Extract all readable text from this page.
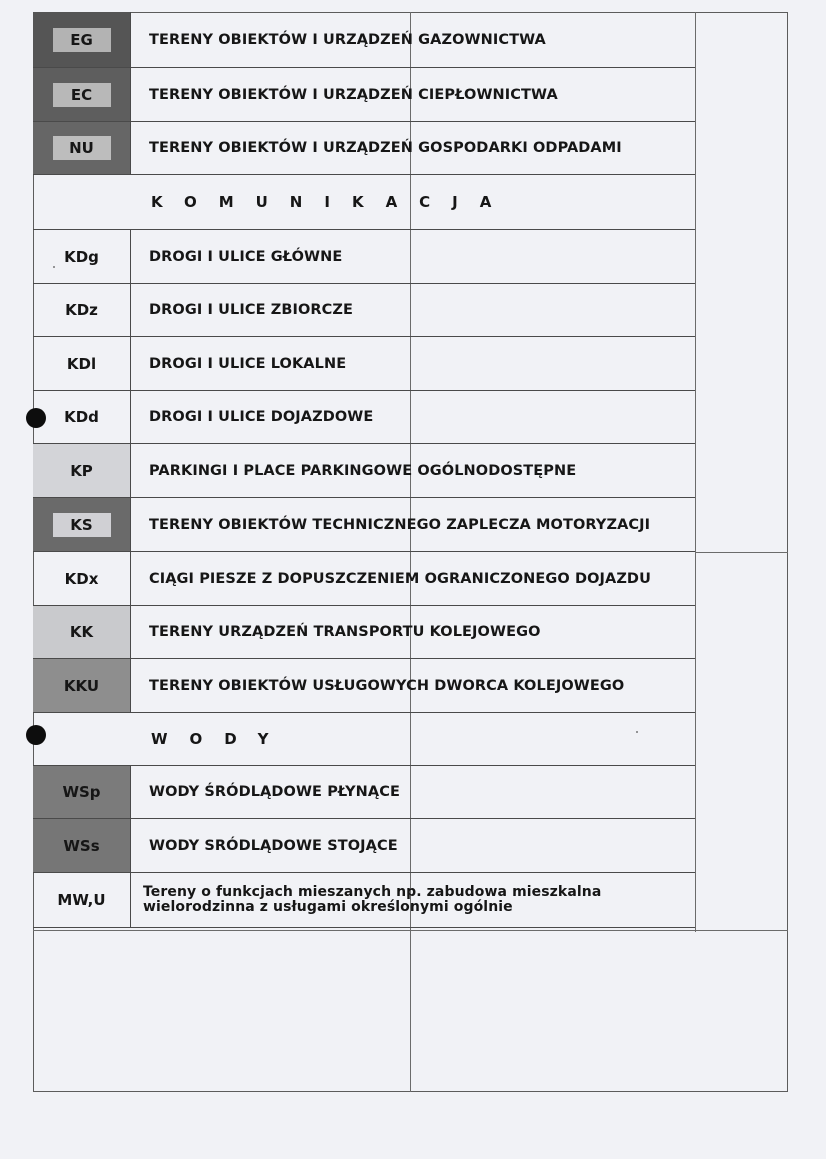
EG	TERENY OBIEKTÓW I URZĄDZEŃ GAZOWNICTWA
EC	TERENY OBIEKTÓW I URZĄDZEŃ CIEPŁOWNICTWA
NU	TERENY OBIEKTÓW I URZĄDZEŃ GOSPODARKI ODPADAMI
KOMUNIKACJA
KDg	DROGI I ULICE GŁÓWNE
KDz	DROGI I ULICE ZBIORCZE
KDl	DROGI I ULICE LOKALNE
KDd	DROGI I ULICE DOJAZDOWE
KP	PARKINGI I PLACE PARKINGOWE OGÓLNODOSTĘPNE
KS	TERENY OBIEKTÓW TECHNICZNEGO ZAPLECZA MOTORYZACJI
KDx	CIĄGI PIESZE Z DOPUSZCZENIEM OGRANICZONEGO DOJAZDU
KK	TERENY URZĄDZEŃ TRANSPORTU KOLEJOWEGO
KKU	TERENY OBIEKTÓW USŁUGOWYCH DWORCA KOLEJOWEGO
WODY
WSp	WODY ŚRÓDLĄDOWE PŁYNĄCE
WSs	WODY SRÓDLĄDOWE STOJĄCE
MW,U	Tereny o funkcjach mieszanych np. zabudowa mieszkalna wielorodzinna z usługami określonymi ogólnie
